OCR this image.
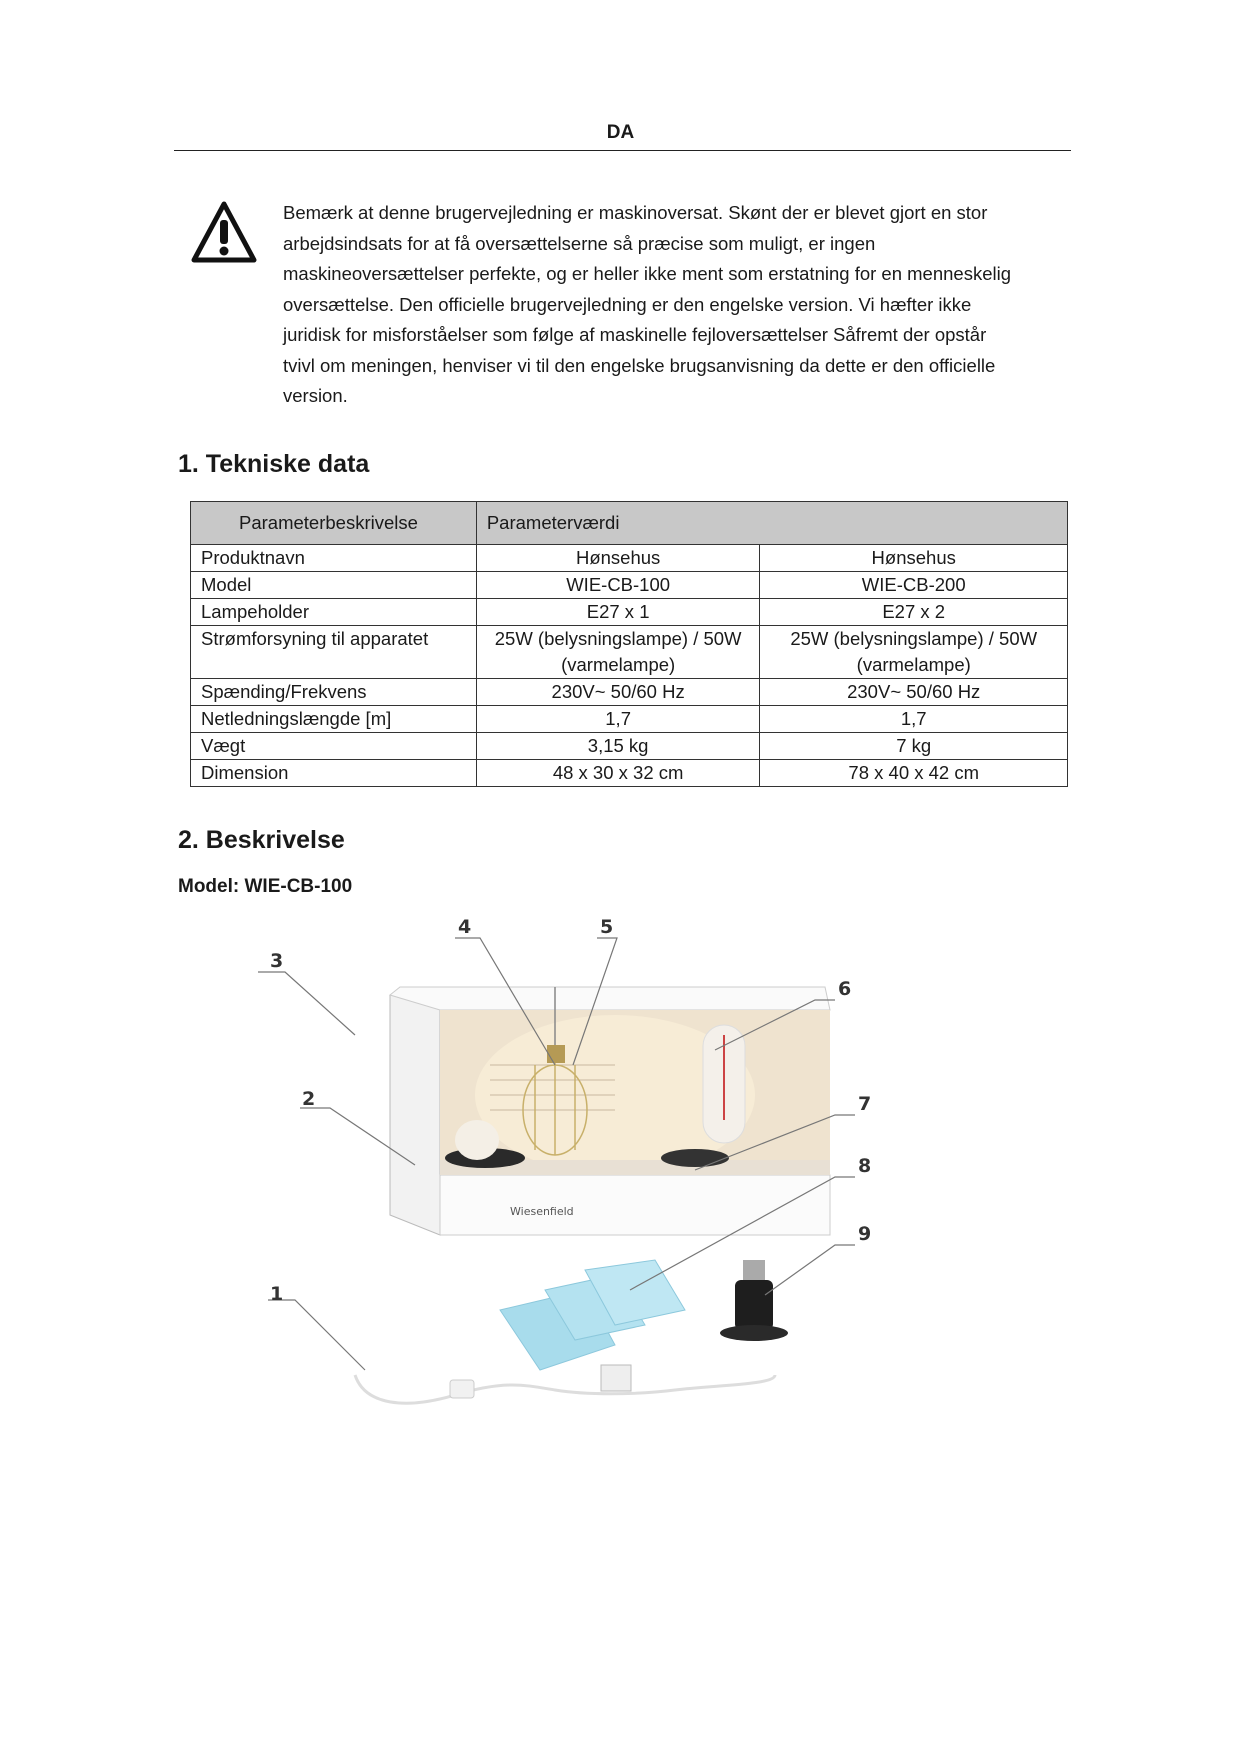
DA
Bemærk at denne brugervejledning er maskinoversat. Skønt der er blevet gjort en stor
arbejdsindsats for at få oversættelserne så præcise som muligt, er ingen
maskineoversættelser perfekte, og er heller ikke ment som erstatning for en menneskelig
oversættelse. Den officielle brugervejledning er den engelske version. Vi hæfter ikke
juridisk for misforståelser som følge af maskinelle fejloversættelser Såfremt der opstår
tvivl om meningen, henviser vi til den engelske brugsanvisning da dette er den officielle
version.
1. Tekniske data
Parameterbeskrivelse	Parameterværdi	
Produktnavn	Hønsehus	Hønsehus
Model	WIE-CB-100	WIE-CB-200
Lampeholder	E27 x 1	E27 x 2
Strømforsyning til apparatet	25W (belysningslampe) / 50W (varmelampe)	25W (belysningslampe) / 50W (varmelampe)
Spænding/Frekvens	230V~ 50/60 Hz	230V~ 50/60 Hz
Netledningslængde [m]	1,7	1,7
Vægt	3,15 kg	7 kg
Dimension	48 x 30 x 32 cm	78 x 40 x 42 cm
2. Beskrivelse
Model: WIE-CB-100
Wiesenfield
1
2
3
4	5
6
7
8
9
